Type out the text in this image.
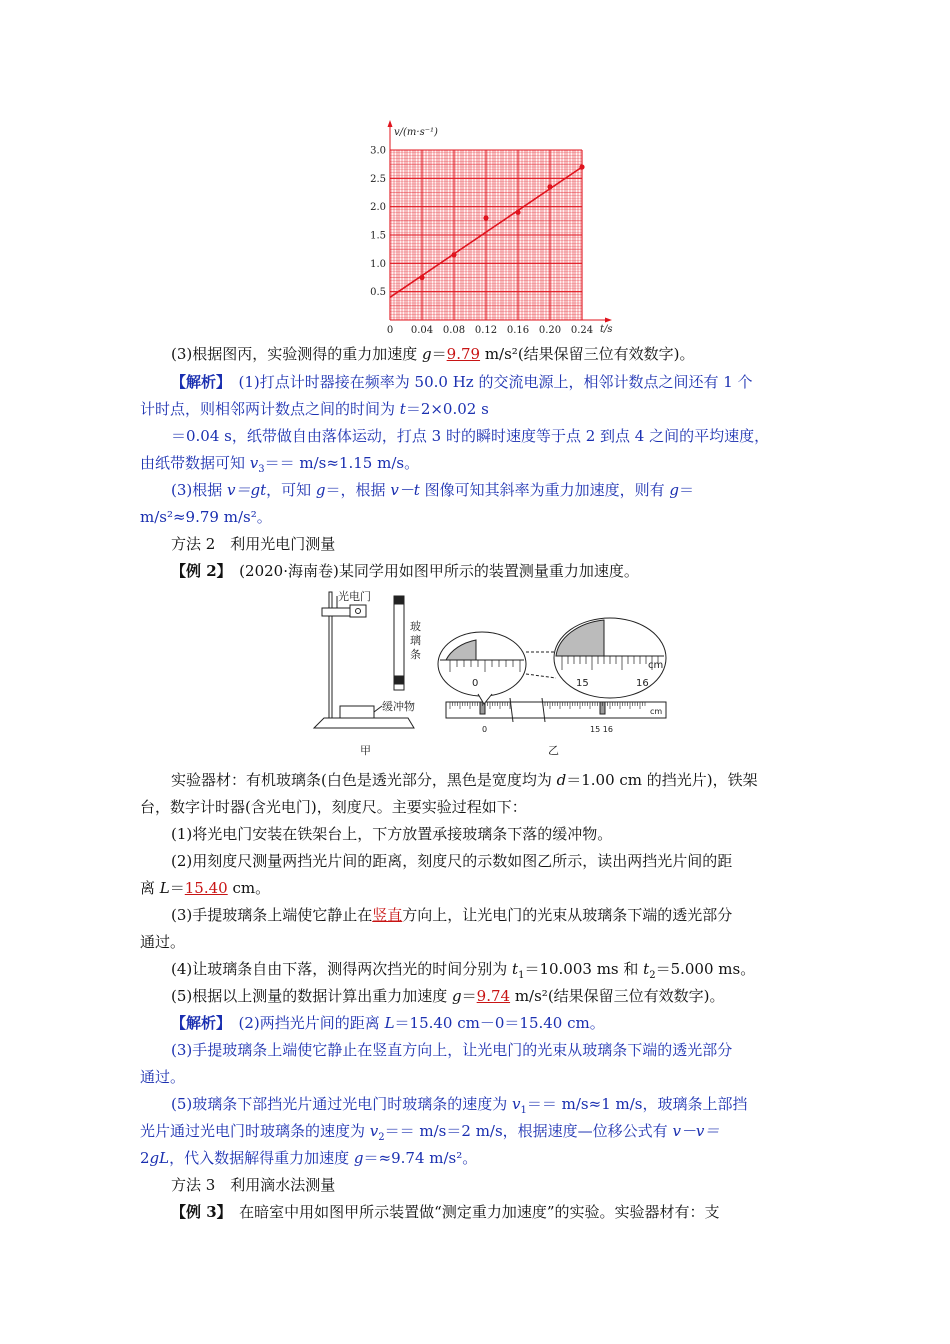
v/(m·s⁻¹)
t/s
0.5
1.0
1.5
2.0
2.5
3.0
0 0.04 0.08 0.12 0.16 0.20 0.24
(3)根据图丙，实验测得的重力加速度 g＝9.79 m/s²(结果保留三位有效数字)。
【解析】　 (1)打点计时器接在频率为 50.0 Hz 的交流电源上，相邻计数点之间还有 1 个
计时点，则相邻两计数点之间的时间为 t＝2×0.02 s
＝0.04 s，纸带做自由落体运动，打点 3 时的瞬时速度等于点 2 到点 4 之间的平均速度，
由纸带数据可知 $v_3== m/s\approx 1.15$ m/s。
(3)根据 v＝gt，可知 g＝，根据 v－t 图像可知其斜率为重力加速度，则有 g＝
m/s²≈9.79 m/s²。
方法 2　利用光电门测量
【例 2】　(2020·海南卷)某同学用如图甲所示的装置测量重力加速度。
光电门
玻
璃
条
缓冲物
甲	乙
0	15	16
cm
0	15 16
cm
实验器材：有机玻璃条(白色是透光部分，黑色是宽度均为 d＝1.00 cm 的挡光片)，铁架
台，数字计时器(含光电门)，刻度尺。主要实验过程如下：
(1)将光电门安装在铁架台上，下方放置承接玻璃条下落的缓冲物。
(2)用刻度尺测量两挡光片间的距离，刻度尺的示数如图乙所示，读出两挡光片间的距
离 L＝15.40 cm。
(3)手提玻璃条上端使它静止在竖直方向上，让光电门的光束从玻璃条下端的透光部分
通过。
(4)让玻璃条自由下落，测得两次挡光的时间分别为 $t_1=10.003$ ms 和 $t_2=5.000$ ms。
(5)根据以上测量的数据计算出重力加速度 g＝9.74 m/s²(结果保留三位有效数字)。
【解析】　 (2)两挡光片间的距离 L＝15.40 cm－0＝15.40 cm。
(3)手提玻璃条上端使它静止在竖直方向上，让光电门的光束从玻璃条下端的透光部分
通过。
(5)玻璃条下部挡光片通过光电门时玻璃条的速度为 $v_1== m/s\approx 1$ m/s，玻璃条上部挡
光片通过光电门时玻璃条的速度为 $v_2== m/s=2$ m/s，根据速度—位移公式有 v－v＝
2gL，代入数据解得重力加速度 g＝≈9.74 m/s²。
方法 3　利用滴水法测量
【例 3】　在暗室中用如图甲所示装置做“测定重力加速度”的实验。实验器材有：支
